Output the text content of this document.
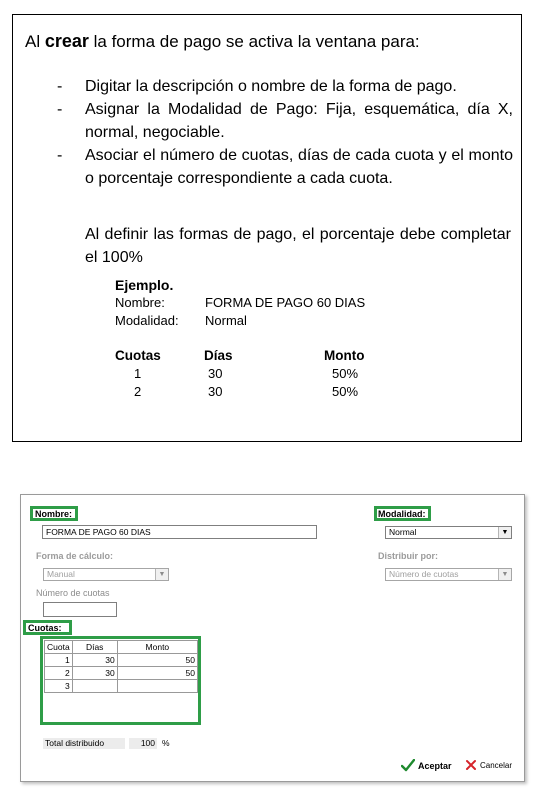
Al crear la forma de pago se activa la ventana para:
- Digitar la descripción o nombre de la forma de pago.
- Asignar la Modalidad de Pago: Fija, esquemática, día X, normal, negociable.
- Asociar el número de cuotas, días de cada cuota y el monto o porcentaje correspondiente a cada cuota.
Al definir las formas de pago, el porcentaje debe completar el 100%
Ejemplo.
Nombre:	FORMA DE PAGO 60 DIAS
Modalidad:	Normal
Cuotas	Días	Monto
1	30	50%
2	30	50%
Nombre:
FORMA DE PAGO 60 DIAS
Modalidad:
Normal	▼
Forma de cálculo:
Manual	▼
Distribuir por:
Número de cuotas	▼
Número de cuotas
Cuotas:
Cuota	Días	Monto
1	30	50
2	30	50
3		
Total distribuido	100 %
Aceptar	Cancelar
